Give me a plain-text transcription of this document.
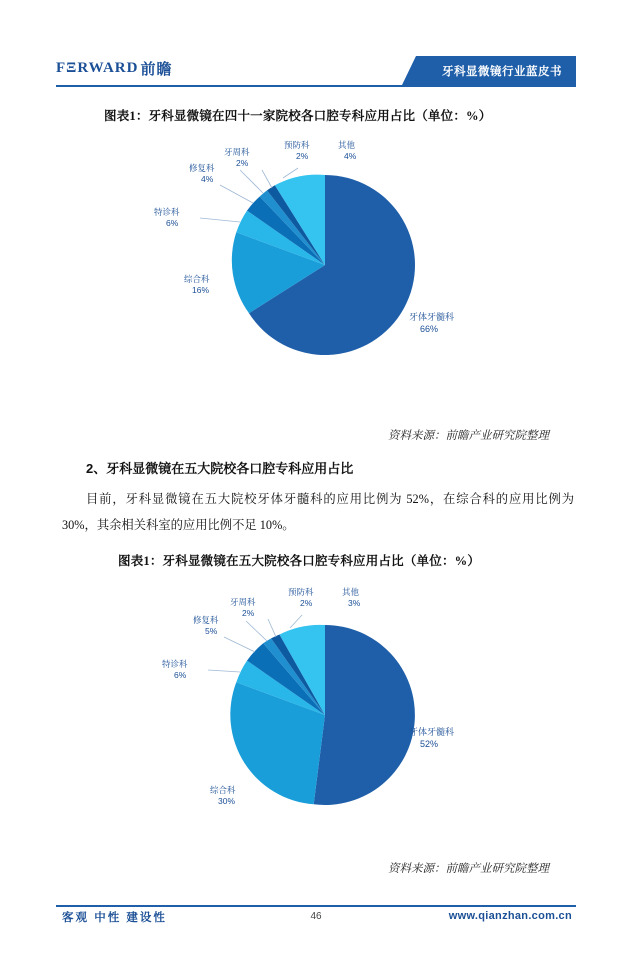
FΞRWARD 前瞻	牙科显微镜行业蓝皮书
图表1：牙科显微镜在四十一家院校各口腔专科应用占比（单位：%）
牙体牙髓科
66%
综合科
16%
特诊科
6%
修复科
4%
牙周科
2%
预防科
2%
其他
4%
资料来源：前瞻产业研究院整理
2、牙科显微镜在五大院校各口腔专科应用占比
目前，牙科显微镜在五大院校牙体牙髓科的应用比例为 52%，在综合科的应用比例为 30%，其余相关科室的应用比例不足 10%。
图表1：牙科显微镜在五大院校各口腔专科应用占比（单位：%）
牙体牙髓科
52%
综合科
30%
特诊科
6%
修复科
5%
牙周科
2%
预防科
2%
其他
3%
资料来源：前瞻产业研究院整理
客观 中性 建设性	46	www.qianzhan.com.cn
